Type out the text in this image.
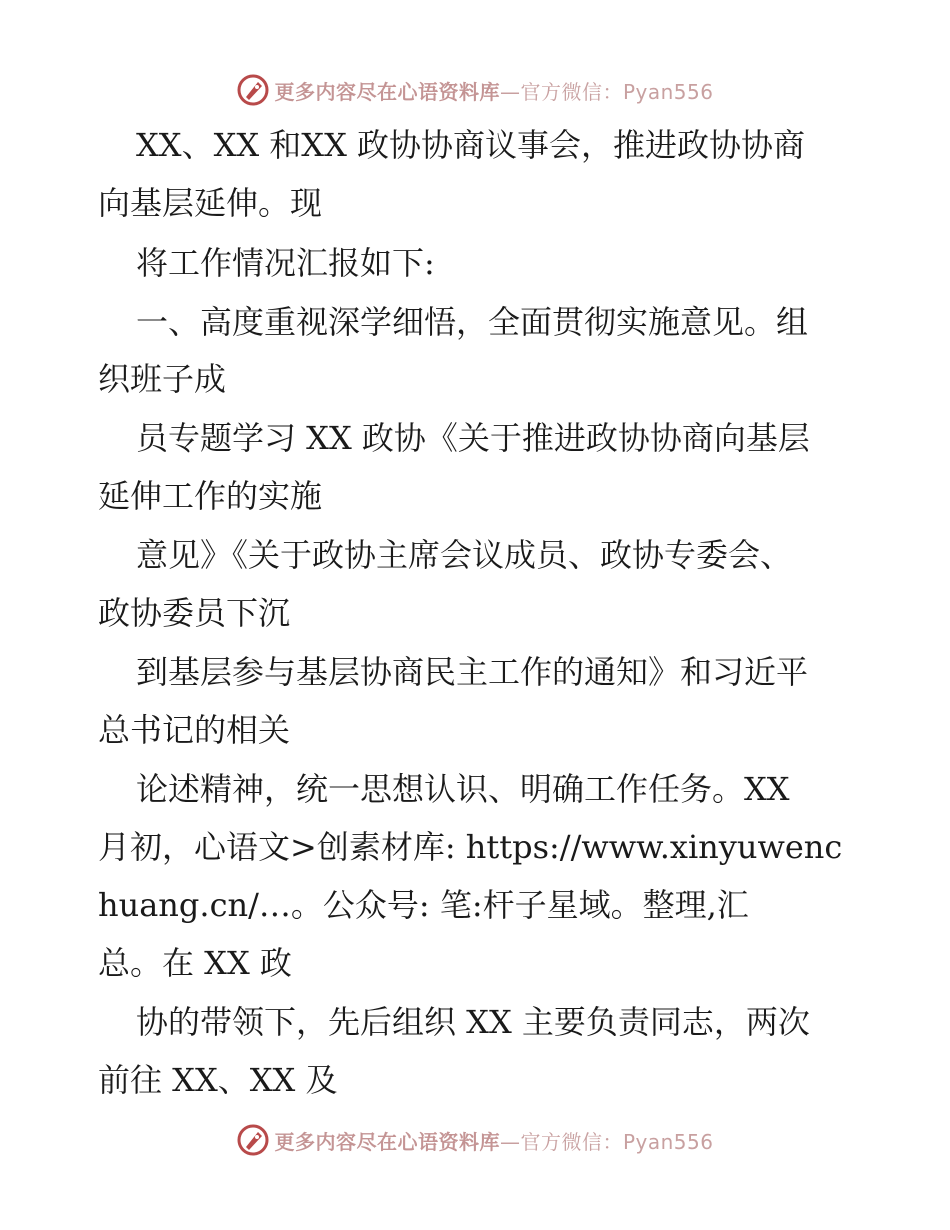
更多内容尽在心语资料库—官方微信：Pyan556
XX、XX 和XX 政协协商议事会，推进政协协商
向基层延伸。现
将工作情况汇报如下:
一、高度重视深学细悟，全面贯彻实施意见。组
织班子成
员专题学习 XX 政协《关于推进政协协商向基层
延伸工作的实施
意见》《关于政协主席会议成员、政协专委会、
政协委员下沉
到基层参与基层协商民主工作的通知》和习近平
总书记的相关
论述精神，统一思想认识、明确工作任务。XX
月初，心语文>创素材库: https://www.xinyuwenc
huang.cn/…。公众号: 笔:杆子星域。整理,汇
总。在 XX 政
协的带领下，先后组织 XX 主要负责同志，两次
前往 XX、XX 及
更多内容尽在心语资料库—官方微信：Pyan556
